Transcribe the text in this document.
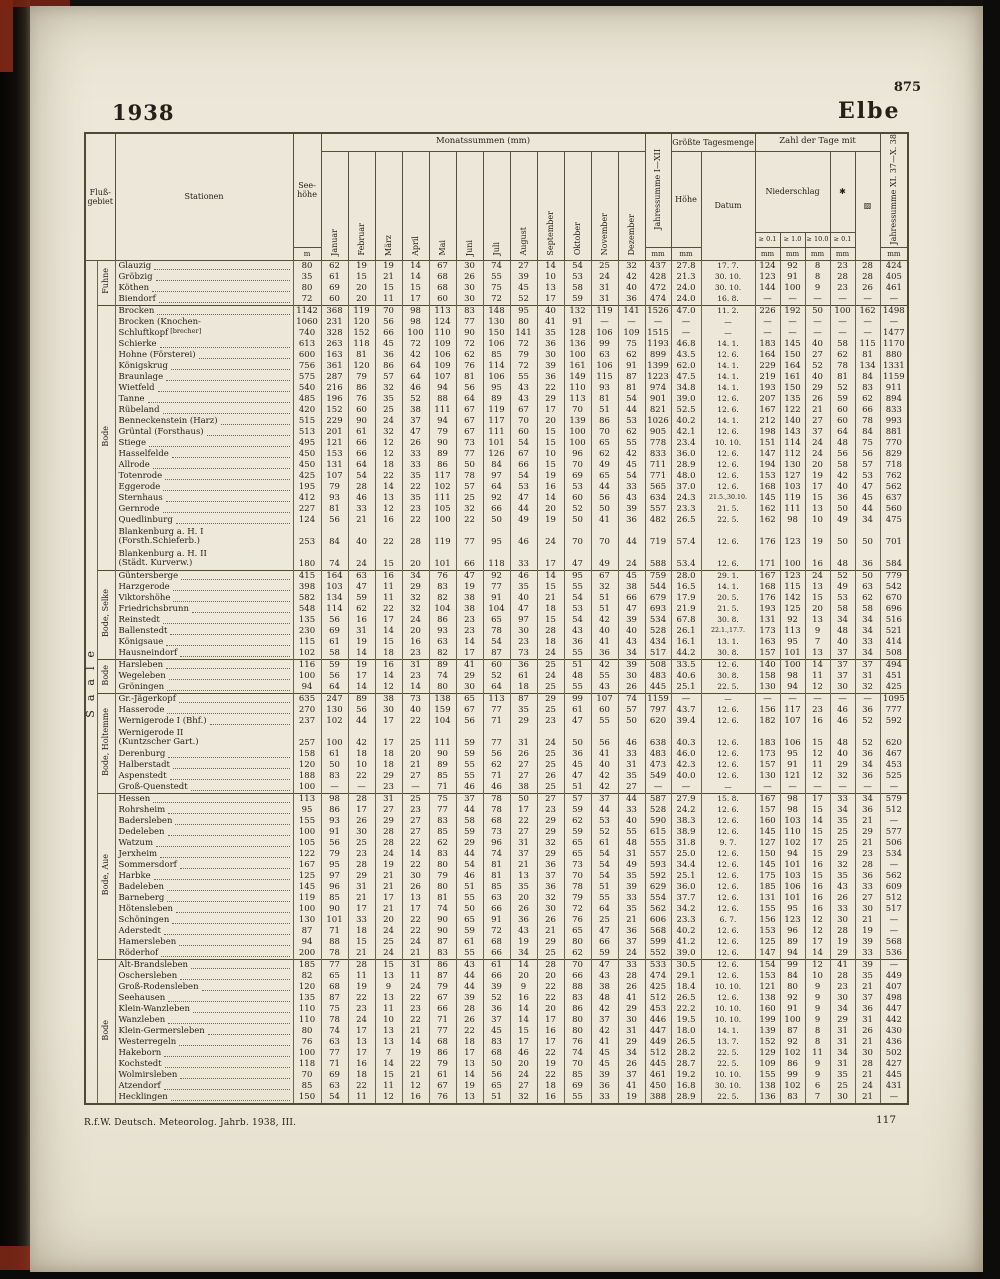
875
1938	Elbe
Fluß-
gebiet
	Stationen	
See-
höhe
	Monatssummen (mm)	Jahressumme I—XII	Größte Tagesmenge	Zahl der Tage mit	Jahressumme XI. 37—X. 38
				Januar	Februar	März	April	Mai	Juni	Juli	August	September	Oktober	November	Dezember		Höhe	Datum	Niederschlag			✱	▨	
																			≥ 0.1	≥ 1.0	≥ 10.0	≥ 0.1		
			m													mm	mm		mm	mm	mm	mm		mm
Saale	Fuhne	Glauzig	80	62	19	19	14	67	30	74	27	14	54	25	32	437	27.8	17. 7.	124	92	8	23	28	424

		Gröbzig	35	61	15	21	14	68	26	55	39	10	53	24	42	428	21.3	30. 10.	123	91	8	28	28	405

		Köthen	80	69	20	15	15	68	30	75	45	13	58	31	40	472	24.0	30. 10.	144	100	9	23	26	461

		Biendorf	72	60	20	11	17	60	30	72	52	17	59	31	36	474	24.0	16. 8.	—	—	—	—	—	—
	Bode	Brocken	1142	368	119	70	98	113	83	148	95	40	132	119	141	1526	47.0	11. 2.	226	192	50	100	162	1498

		Brocken (Knochen-	1060	231	120	56	98	124	77	130	80	41	91	—	—	—	—	—	—	—	—	—	—	—

		Schluftkopf [brecher]	740	328	152	66	100	110	90	150	141	35	128	106	109	1515	—	—	—	—	—	—	—	1477

		Schierke	613	263	118	45	72	109	72	106	72	36	136	99	75	1193	46.8	14. 1.	183	145	40	58	115	1170

		Hohne (Försterei)	600	163	81	36	42	106	62	85	79	30	100	63	62	899	43.5	12. 6.	164	150	27	62	81	880

		Königskrug	756	361	120	86	64	109	76	114	72	39	161	106	91	1399	62.0	14. 1.	229	164	52	78	134	1331

		Braunlage	575	287	79	57	64	107	81	106	55	36	149	115	87	1223	47.5	14. 1.	219	161	40	81	84	1159

		Wietfeld	540	216	86	32	46	94	56	95	43	22	110	93	81	974	34.8	14. 1.	193	150	29	52	83	911

		Tanne	485	196	76	35	52	88	64	89	43	29	113	81	54	901	39.0	12. 6.	207	135	26	59	62	894

		Rübeland	420	152	60	25	38	111	67	119	67	17	70	51	44	821	52.5	12. 6.	167	122	21	60	66	833

		Benneckenstein (Harz)	515	229	90	24	37	94	67	117	70	20	139	86	53	1026	40.2	14. 1.	212	140	27	60	78	993

		Grüntal (Forsthaus)	513	201	61	32	47	79	67	111	60	15	100	70	62	905	42.1	12. 6.	198	143	37	64	84	881

		Stiege	495	121	66	12	26	90	73	101	54	15	100	65	55	778	23.4	10. 10.	151	114	24	48	75	770

		Hasselfelde	450	153	66	12	33	89	77	126	67	10	96	62	42	833	36.0	12. 6.	147	112	24	56	56	829

		Allrode	450	131	64	18	33	86	50	84	66	15	70	49	45	711	28.9	12. 6.	194	130	20	58	57	718

		Totenrode	425	107	54	22	35	117	78	97	54	19	69	65	54	771	48.0	12. 6.	153	127	19	42	53	762

		Eggerode	195	79	28	14	22	102	57	64	53	16	53	44	33	565	37.0	12. 6.	168	103	17	40	47	562

		Sternhaus	412	93	46	13	35	111	25	92	47	14	60	56	43	634	24.3	21.5.,30.10.	145	119	15	36	45	637

		Gernrode	227	81	33	12	23	105	32	66	44	20	52	50	39	557	23.3	21. 5.	162	111	13	50	44	560

		Quedlinburg	124	56	21	16	22	100	22	50	49	19	50	41	36	482	26.5	22. 5.	162	98	10	49	34	475

		Blankenburg a. H. I
(Forsth.Schieferb.)	253	84	40	22	28	119	77	95	46	24	70	70	44	719	57.4	12. 6.	176	123	19	50	50	701

		Blankenburg a. H. II
(Städt. Kurverw.)	180	74	24	15	20	101	66	118	33	17	47	49	24	588	53.4	12. 6.	171	100	16	48	36	584
	Bode, Selke	Güntersberge	415	164	63	16	34	76	47	92	46	14	95	67	45	759	28.0	29. 1.	167	123	24	52	50	779

		Harzgerode	398	103	47	11	29	83	19	77	35	15	55	32	38	544	16.5	14. 1.	168	115	13	49	63	542

		Viktorshöhe	582	134	59	11	32	82	38	91	40	21	54	51	66	679	17.9	20. 5.	176	142	15	53	62	670

		Friedrichsbrunn	548	114	62	22	32	104	38	104	47	18	53	51	47	693	21.9	21. 5.	193	125	20	58	58	696

		Reinstedt	135	56	16	17	24	86	23	65	97	15	54	42	39	534	67.8	30. 8.	131	92	13	34	34	516

		Ballenstedt	230	69	31	14	20	93	23	78	30	28	43	40	40	528	26.1	22.1.,17.7.	173	113	9	48	34	521

		Königsaue	115	61	19	15	16	63	14	54	23	18	36	41	43	434	16.1	13. 1.	163	95	7	40	33	414

		Hausneindorf	102	58	14	18	23	82	17	87	73	24	55	36	34	517	44.2	30. 8.	157	101	13	37	34	508
	Bode	Harsleben	116	59	19	16	31	89	41	60	36	25	51	42	39	508	33.5	12. 6.	140	100	14	37	37	494

		Wegeleben	100	56	17	14	23	74	29	52	61	24	48	55	30	483	40.6	30. 8.	158	98	11	37	31	451

		Gröningen	94	64	14	12	14	80	30	64	18	25	55	43	26	445	25.1	22. 5.	130	94	12	30	32	425
	Bode, Holtemme	Gr.-Jägerkopf	635	247	89	38	73	138	65	113	87	29	99	107	74	1159	—	—	—	—	—	—	—	1095

		Hasserode	270	130	56	30	40	159	67	77	35	25	61	60	57	797	43.7	12. 6.	156	117	23	46	36	777

		Wernigerode I (Bhf.)	237	102	44	17	22	104	56	71	29	23	47	55	50	620	39.4	12. 6.	182	107	16	46	52	592

		Wernigerode II
(Kuntzscher Gart.)	257	100	42	17	25	111	59	77	31	24	50	56	46	638	40.3	12. 6.	183	106	15	48	52	620

		Derenburg	158	61	18	18	20	90	59	56	26	25	36	41	33	483	46.0	12. 6.	173	95	12	40	36	467

		Halberstadt	120	50	10	18	21	89	55	62	27	25	45	40	31	473	42.3	12. 6.	157	91	11	29	34	453

		Aspenstedt	188	83	22	29	27	85	55	71	27	26	47	42	35	549	40.0	12. 6.	130	121	12	32	36	525

		Groß-Quenstedt	100	—	—	23	—	71	46	46	38	25	51	42	27	—	—	—	—	—	—	—	—	—
	Bode, Aue	Hessen	113	98	28	31	25	75	37	78	50	27	57	37	44	587	27.9	15. 8.	167	98	17	33	34	579

		Rohrsheim	95	86	17	27	23	77	44	78	17	23	59	44	33	528	24.2	12. 6.	157	98	15	34	36	512

		Badersleben	155	93	26	29	27	83	58	68	22	29	62	53	40	590	38.3	12. 6.	160	103	14	35	21	—

		Dedeleben	100	91	30	28	27	85	59	73	27	29	59	52	55	615	38.9	12. 6.	145	110	15	25	29	577

		Watzum	105	56	25	28	22	62	29	96	31	32	65	61	48	555	31.8	9. 7.	127	102	17	25	21	506

		Jerxheim	122	79	23	24	14	83	44	74	37	29	65	54	31	557	25.0	12. 6.	150	94	15	29	23	534

		Sommersdorf	167	95	28	19	22	80	54	81	21	36	73	54	49	593	34.4	12. 6.	145	101	16	32	28	—

		Harbke	125	97	29	21	30	79	46	81	13	37	70	54	35	592	25.1	12. 6.	175	103	15	35	36	562

		Badeleben	145	96	31	21	26	80	51	85	35	36	78	51	39	629	36.0	12. 6.	185	106	16	43	33	609

		Barneberg	119	85	21	17	13	81	55	63	20	32	79	55	33	554	37.7	12. 6.	131	101	16	26	27	512

		Hötensleben	100	90	17	21	17	74	50	66	26	30	72	64	35	562	34.2	12. 6.	155	95	16	33	30	517

		Schöningen	130	101	33	20	22	90	65	91	36	26	76	25	21	606	23.3	6. 7.	156	123	12	30	21	—

		Aderstedt	87	71	18	24	22	90	59	72	43	21	65	47	36	568	40.2	12. 6.	153	96	12	28	19	—

		Hamersleben	94	88	15	25	24	87	61	68	19	29	80	66	37	599	41.2	12. 6.	125	89	17	19	39	568

		Röderhof	200	78	21	24	21	83	55	66	34	25	62	59	24	552	39.0	12. 6.	147	94	14	29	33	536
	Bode	Alt-Brandsleben	185	77	28	15	31	86	43	61	14	28	70	47	33	533	30.5	12. 6.	154	99	12	41	39	—

		Oschersleben	82	65	11	13	11	87	44	66	20	20	66	43	28	474	29.1	12. 6.	153	84	10	28	35	449

		Groß-Rodensleben	120	68	19	9	24	79	44	39	9	22	88	38	26	425	18.4	10. 10.	121	80	9	23	21	407

		Seehausen	135	87	22	13	22	67	39	52	16	22	83	48	41	512	26.5	12. 6.	138	92	9	30	37	498

		Klein-Wanzleben	110	75	23	11	23	66	28	36	14	20	86	42	29	453	22.2	10. 10.	160	91	9	34	36	447

		Wanzleben	110	78	24	10	22	71	26	37	14	17	80	37	30	446	19.5	10. 10.	199	100	9	29	31	442

		Klein-Germersleben	80	74	17	13	21	77	22	45	15	16	80	42	31	447	18.0	14. 1.	139	87	8	31	26	430

		Westerregeln	76	63	13	13	14	68	18	83	17	17	76	41	29	449	26.5	13. 7.	152	92	8	31	21	436

		Hakeborn	100	77	17	7	19	86	17	68	46	22	74	45	34	512	28.2	22. 5.	129	102	11	34	30	502

		Kochstedt	118	71	16	14	22	79	13	50	20	19	70	45	26	445	28.7	22. 5.	109	86	9	31	28	427

		Wolmirsleben	70	69	18	15	21	61	14	56	24	22	85	39	37	461	19.2	10. 10.	155	99	9	35	21	445

		Atzendorf	85	63	22	11	12	67	19	65	27	18	69	36	41	450	16.8	30. 10.	138	102	6	25	24	431

		Hecklingen	150	54	11	12	16	76	13	51	32	16	55	33	19	388	28.9	22. 5.	136	83	7	30	21	—
R.f.W. Deutsch. Meteorolog. Jahrb. 1938, III.	117
